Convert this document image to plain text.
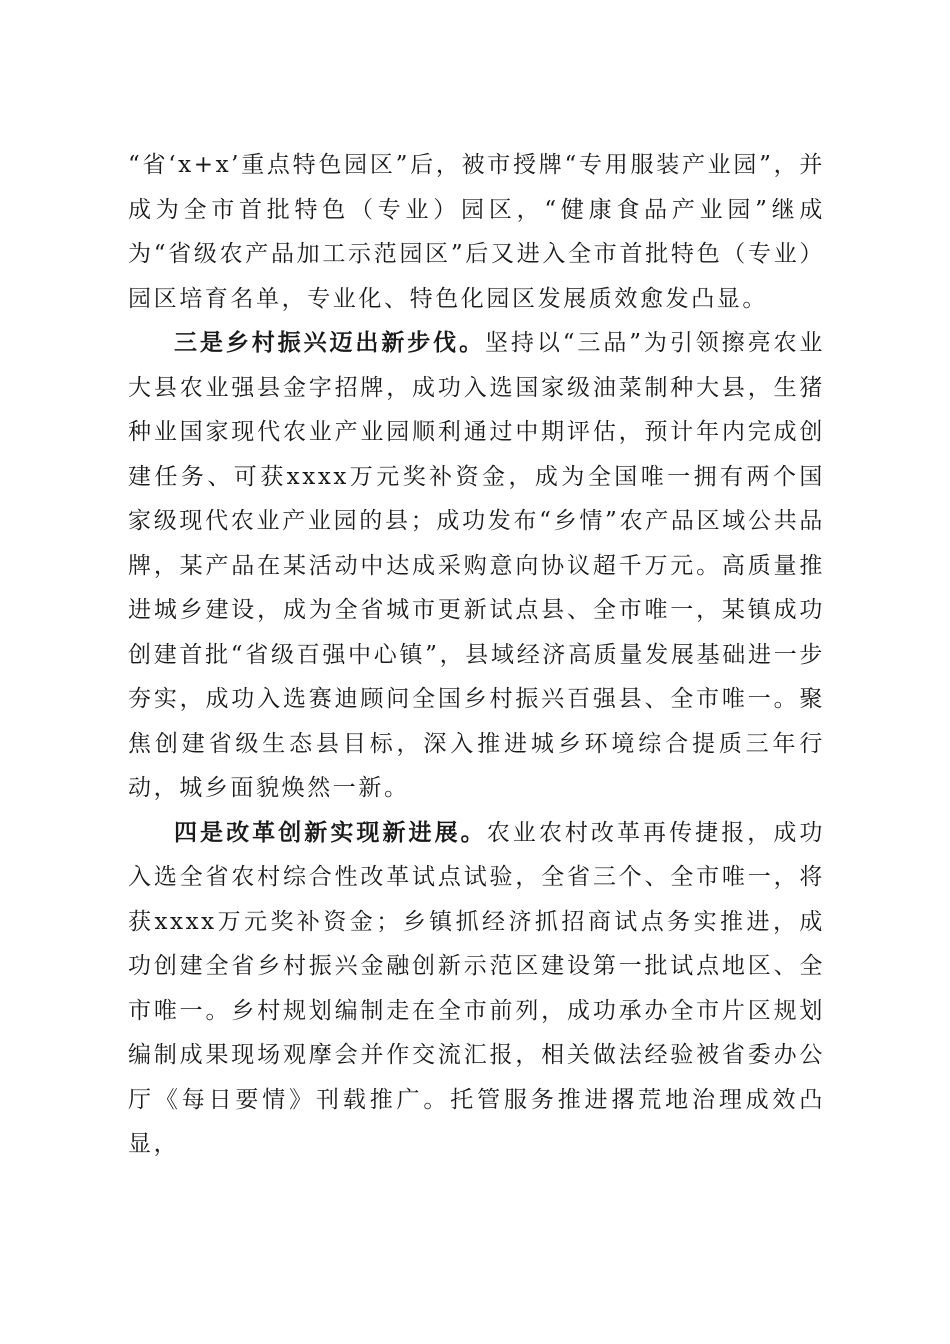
“省‘x+x’重点特色园区”后，被市授牌“专用服装产业园”，并成为全市首批特色（专业）园区，“健康食品产业园”继成为“省级农产品加工示范园区”后又进入全市首批特色（专业）园区培育名单，专业化、特色化园区发展质效愈发凸显。

三是乡村振兴迈出新步伐。坚持以“三品”为引领擦亮农业大县农业强县金字招牌，成功入选国家级油菜制种大县，生猪种业国家现代农业产业园顺利通过中期评估，预计年内完成创建任务、可获xxxx万元奖补资金，成为全国唯一拥有两个国家级现代农业产业园的县；成功发布“乡情”农产品区域公共品牌，某产品在某活动中达成采购意向协议超千万元。高质量推进城乡建设，成为全省城市更新试点县、全市唯一，某镇成功创建首批“省级百强中心镇”，县域经济高质量发展基础进一步夯实，成功入选赛迪顾问全国乡村振兴百强县、全市唯一。聚焦创建省级生态县目标，深入推进城乡环境综合提质三年行动，城乡面貌焕然一新。

四是改革创新实现新进展。农业农村改革再传捷报，成功入选全省农村综合性改革试点试验，全省三个、全市唯一，将获xxxx万元奖补资金；乡镇抓经济抓招商试点务实推进，成功创建全省乡村振兴金融创新示范区建设第一批试点地区、全市唯一。乡村规划编制走在全市前列，成功承办全市片区规划编制成果现场观摩会并作交流汇报，相关做法经验被省委办公厅《每日要情》刊载推广。托管服务推进撂荒地治理成效凸显，
